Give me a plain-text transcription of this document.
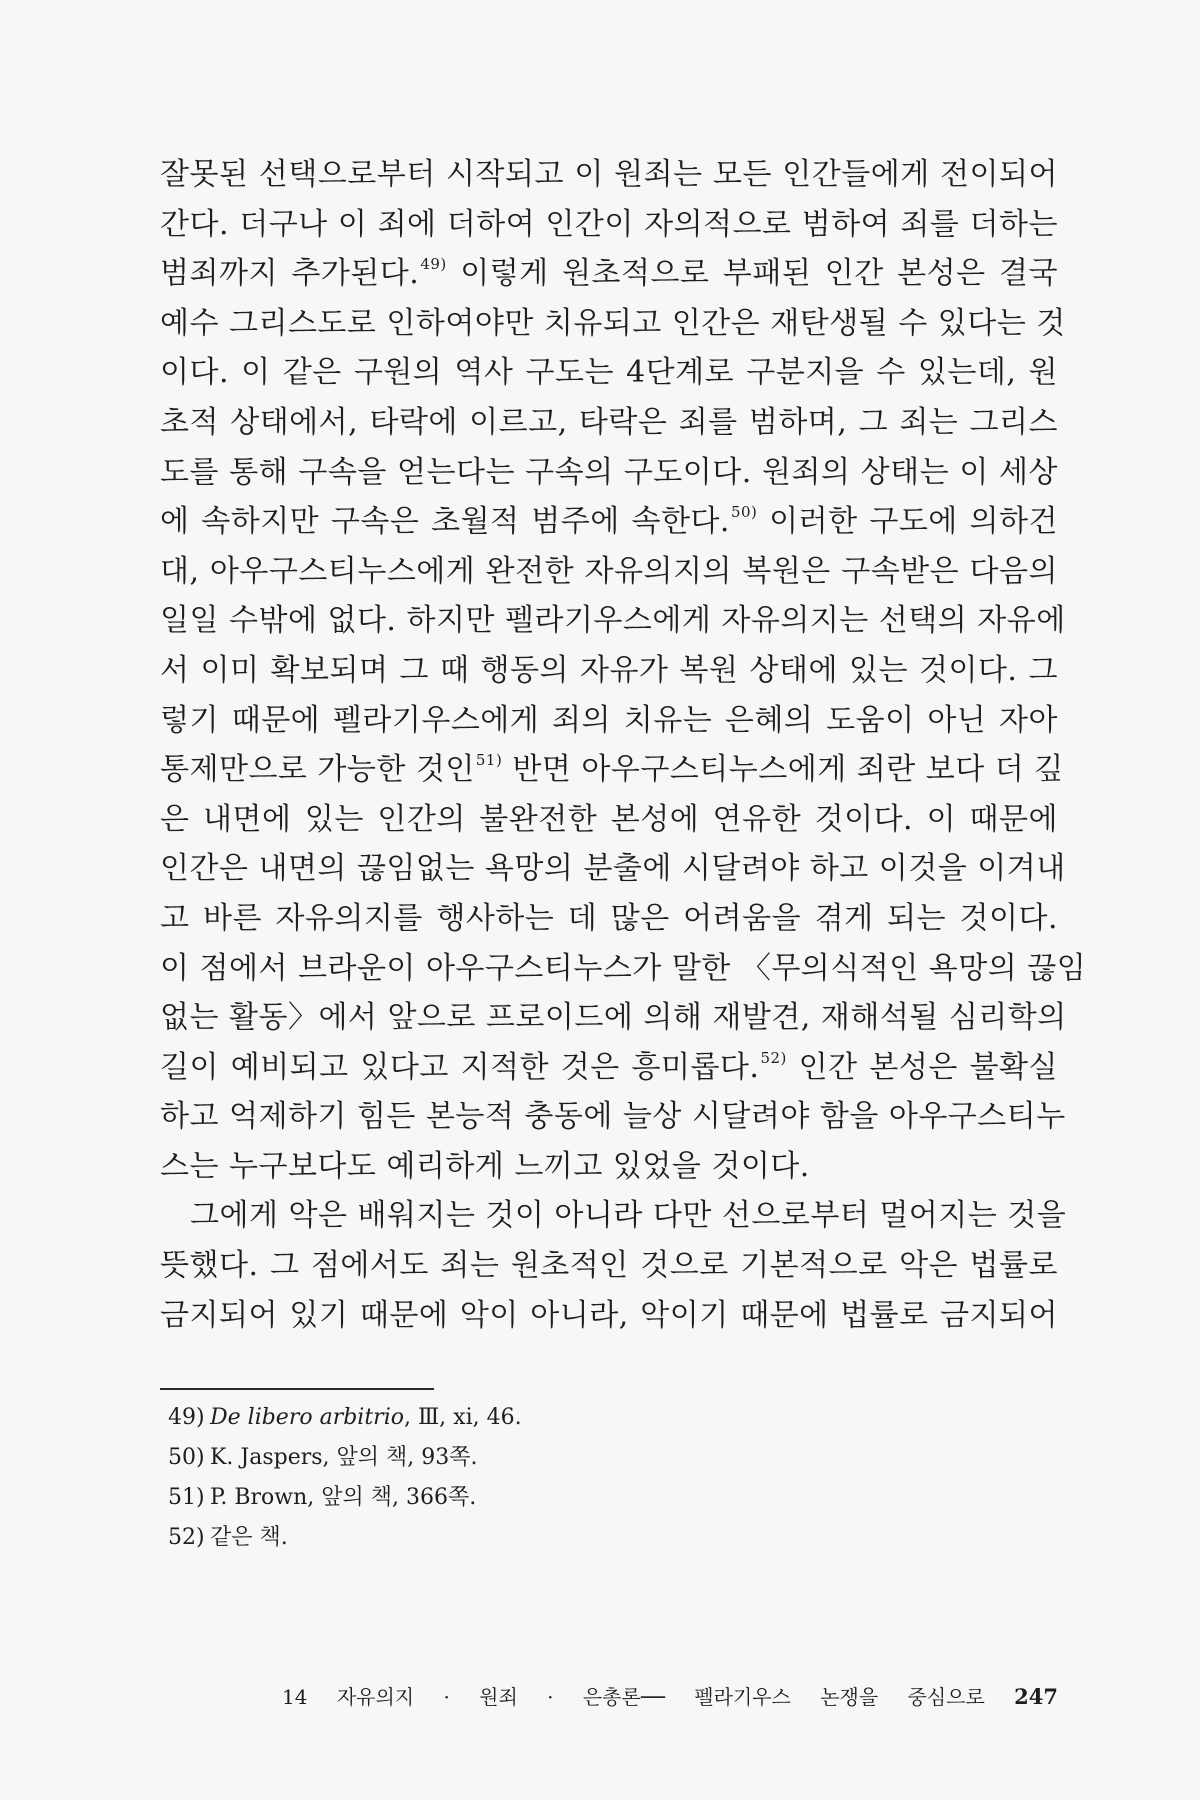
잘못된 선택으로부터 시작되고 이 원죄는 모든 인간들에게 전이되어
간다. 더구나 이 죄에 더하여 인간이 자의적으로 범하여 죄를 더하는
범죄까지 추가된다.$^{49)}$ 이렇게 원초적으로 부패된 인간 본성은 결국
예수 그리스도로 인하여야만 치유되고 인간은 재탄생될 수 있다는 것
이다. 이 같은 구원의 역사 구도는 4단계로 구분지을 수 있는데, 원
초적 상태에서, 타락에 이르고, 타락은 죄를 범하며, 그 죄는 그리스
도를 통해 구속을 얻는다는 구속의 구도이다. 원죄의 상태는 이 세상
에 속하지만 구속은 초월적 범주에 속한다.$^{50)}$ 이러한 구도에 의하건
대, 아우구스티누스에게 완전한 자유의지의 복원은 구속받은 다음의
일일 수밖에 없다. 하지만 펠라기우스에게 자유의지는 선택의 자유에
서 이미 확보되며 그 때 행동의 자유가 복원 상태에 있는 것이다. 그
렇기 때문에 펠라기우스에게 죄의 치유는 은혜의 도움이 아닌 자아
통제만으로 가능한 것인$^{51)}$ 반면 아우구스티누스에게 죄란 보다 더 깊
은 내면에 있는 인간의 불완전한 본성에 연유한 것이다. 이 때문에
인간은 내면의 끊임없는 욕망의 분출에 시달려야 하고 이것을 이겨내
고 바른 자유의지를 행사하는 데 많은 어려움을 겪게 되는 것이다.
이 점에서 브라운이 아우구스티누스가 말한 〈무의식적인 욕망의 끊임
없는 활동〉에서 앞으로 프로이드에 의해 재발견, 재해석될 심리학의
길이 예비되고 있다고 지적한 것은 흥미롭다.$^{52)}$ 인간 본성은 불확실
하고 억제하기 힘든 본능적 충동에 늘상 시달려야 함을 아우구스티누
스는 누구보다도 예리하게 느끼고 있었을 것이다.
그에게 악은 배워지는 것이 아니라 다만 선으로부터 멀어지는 것을
뜻했다. 그 점에서도 죄는 원초적인 것으로 기본적으로 악은 법률로
금지되어 있기 때문에 악이 아니라, 악이기 때문에 법률로 금지되어
49) De libero arbitrio, Ⅲ, xi, 46.
50) K. Jaspers, 앞의 책, 93쪽.
51) P. Brown, 앞의 책, 366쪽.
52) 같은 책.
14 자유의지 · 원죄 · 은총론── 펠라기우스 논쟁을 중심으로 247
